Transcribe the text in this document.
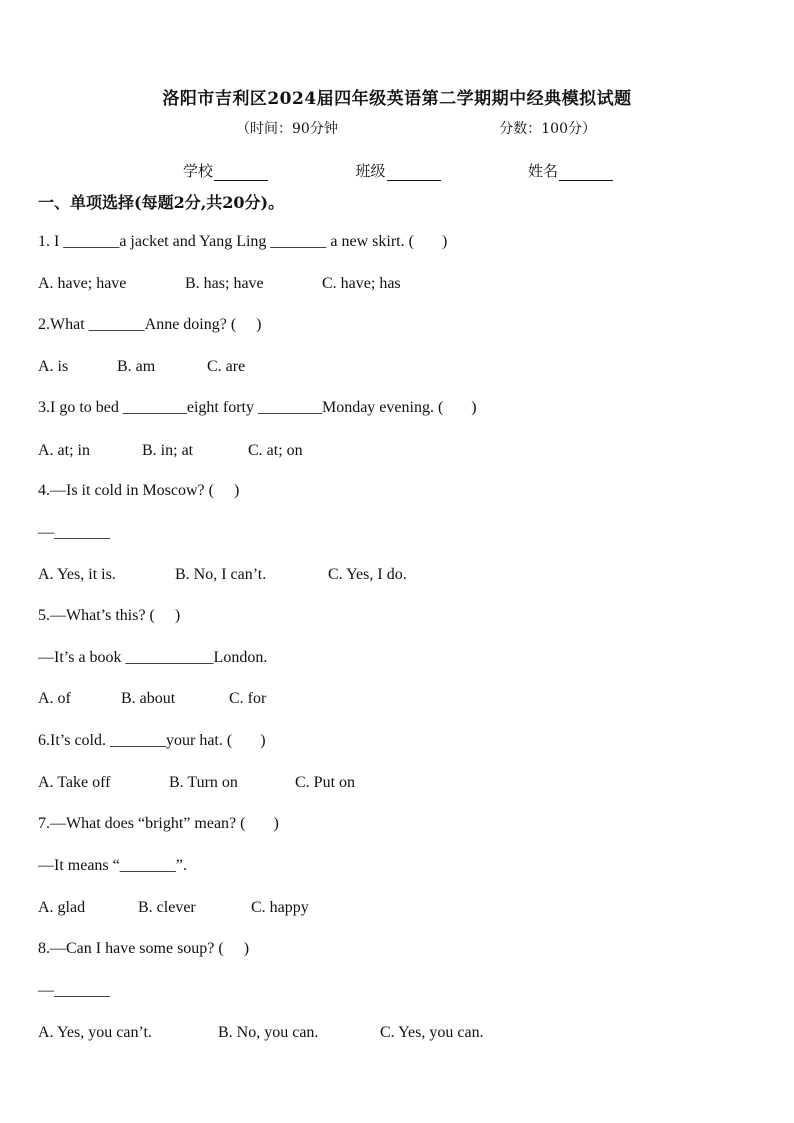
洛阳市吉利区2024届四年级英语第二学期期中经典模拟试题
（时间：90分钟	分数：100分）
学校	班级	姓名
一、单项选择(每题2分,共20分)。
1. I _______a jacket and Yang Ling _______ a new skirt. (       )
A. have; have	B. has; have	C. have; has
2.What _______Anne doing? (     )
A. is	B. am	C. are
3.I go to bed ________eight forty ________Monday evening. (       )
A. at; in	B. in; at	C. at; on
4.—Is it cold in Moscow? (     )
—_______
A. Yes, it is.	B. No, I can’t.	C. Yes, I do.
5.—What’s this? (     )
—It’s a book ___________London.
A. of	B. about	C. for
6.It’s cold. _______your hat. (       )
A. Take off	B. Turn on	C. Put on
7.—What does “bright” mean? (       )
—It means “_______”.
A. glad	B. clever	C. happy
8.—Can I have some soup? (     )
—_______
A. Yes, you can’t.	B. No, you can.	C. Yes, you can.
